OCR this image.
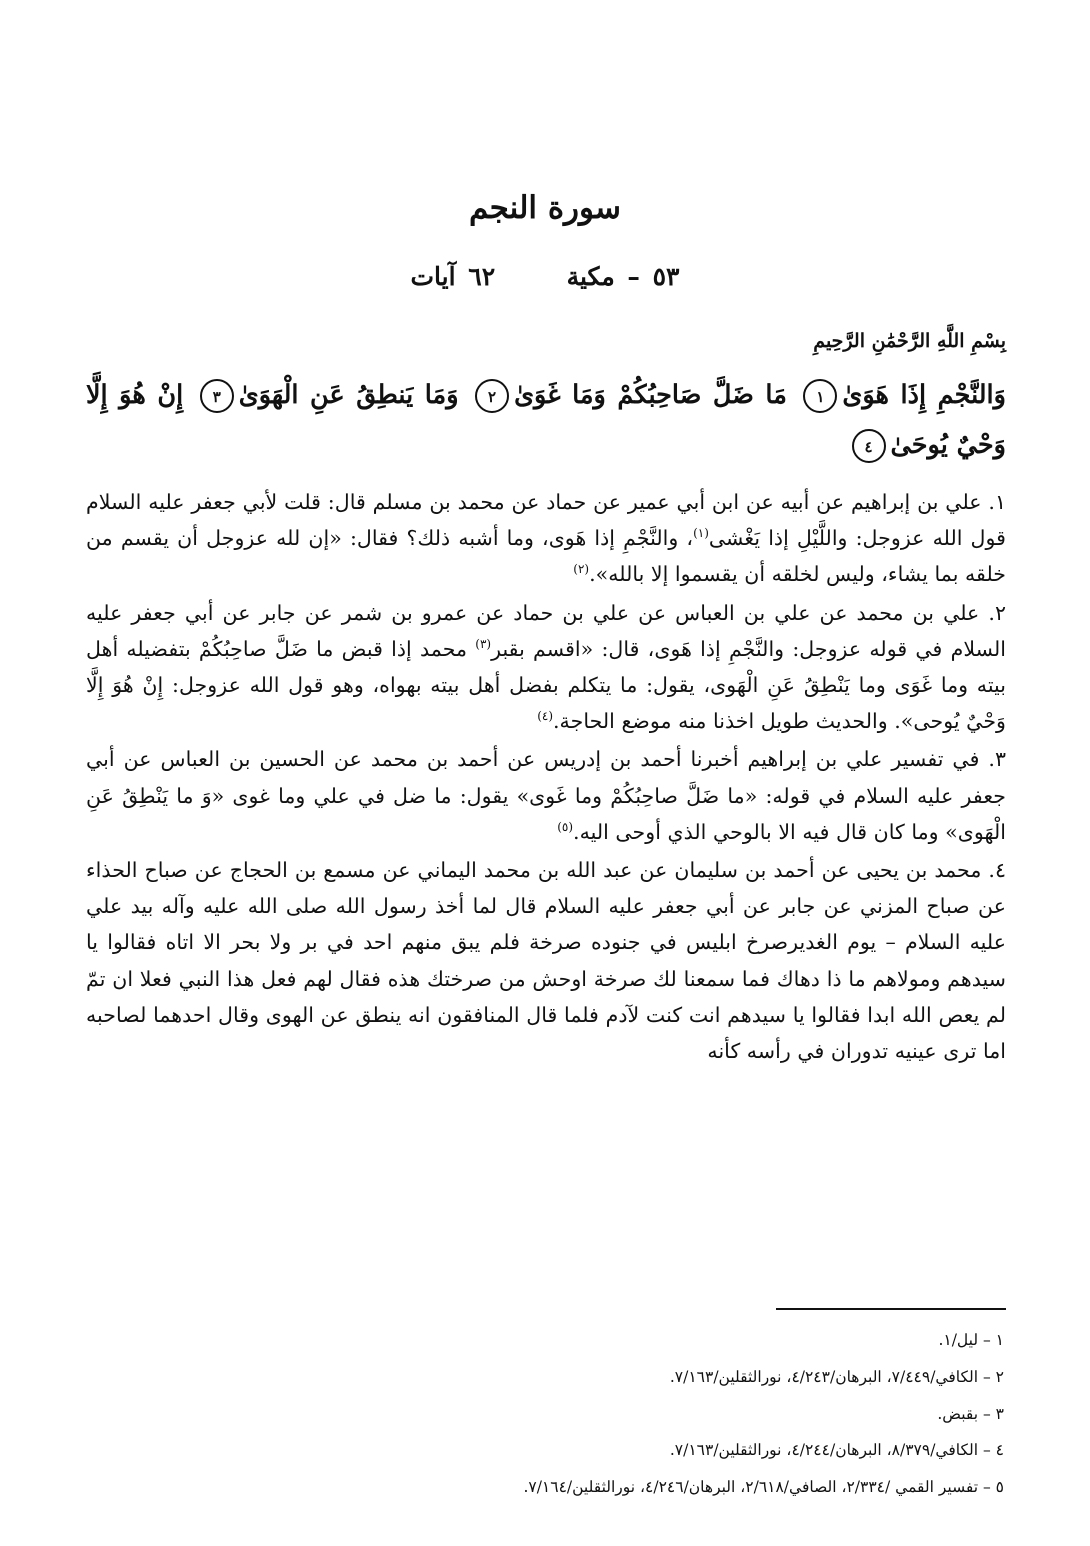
سورة النجم
٥٣ – مكية  ٦٢ آيات
بِسْمِ اللَّهِ الرَّحْمَٰنِ الرَّحِيمِ

وَالنَّجْمِ إِذَا هَوَىٰ١ مَا ضَلَّ صَاحِبُكُمْ وَمَا غَوَىٰ٢ وَمَا يَنطِقُ عَنِ الْهَوَىٰ٣ إِنْ هُوَ إِلَّا وَحْيٌ يُوحَىٰ٤

١. علي بن إبراهيم عن أبيه عن ابن أبي عمير عن حماد عن محمد بن مسلم قال: قلت لأبي جعفر عليه السلام قول الله عزوجل: واللَّيْلِ إذا يَغْشى$^{(١)}$، والنَّجْمِ إذا هَوى، وما أشبه ذلك؟ فقال: «إن لله عزوجل أن يقسم من خلقه بما يشاء، وليس لخلقه أن يقسموا إلا بالله».$^{(٢)}$

٢. علي بن محمد عن علي بن العباس عن علي بن حماد عن عمرو بن شمر عن جابر عن أبي جعفر عليه السلام في قوله عزوجل: والنَّجْمِ إذا هَوى، قال: «اقسم بقبر$^{(٣)}$ محمد إذا قبض ما ضَلَّ صاحِبُكُمْ بتفضيله أهل بيته وما غَوَى وما يَنْطِقُ عَنِ الْهَوى، يقول: ما يتكلم بفضل أهل بيته بهواه، وهو قول الله عزوجل: إِنْ هُوَ إِلَّا وَحْيٌ يُوحى». والحديث طويل اخذنا منه موضع الحاجة.$^{(٤)}$

٣. في تفسير علي بن إبراهيم أخبرنا أحمد بن إدريس عن أحمد بن محمد عن الحسين بن العباس عن أبي جعفر عليه السلام في قوله: «ما ضَلَّ صاحِبُكُمْ وما غَوى» يقول: ما ضل في علي وما غوى «وَ ما يَنْطِقُ عَنِ الْهَوى» وما كان قال فيه الا بالوحي الذي أوحى اليه.$^{(٥)}$

٤. محمد بن يحيى عن أحمد بن سليمان عن عبد الله بن محمد اليماني عن مسمع بن الحجاج عن صباح الحذاء عن صباح المزني عن جابر عن أبي جعفر عليه السلام قال لما أخذ رسول الله صلى الله عليه وآله بيد علي عليه السلام – يوم الغديرصرخ ابليس في جنوده صرخة فلم يبق منهم احد في بر ولا بحر الا اتاه فقالوا يا سيدهم ومولاهم ما ذا دهاك فما سمعنا لك صرخة اوحش من صرختك هذه فقال لهم فعل هذا النبي فعلا ان تمّ لم يعص الله ابدا فقالوا يا سيدهم انت كنت لآدم فلما قال المنافقون انه ينطق عن الهوى وقال احدهما لصاحبه اما ترى عينيه تدوران في رأسه كأنه

١ – ليل/١.
٢ – الكافي/٧/٤٤٩، البرهان/٤/٢٤٣، نورالثقلين/٧/١٦٣.
٣ – بقبض.
٤ – الكافي/٨/٣٧٩، البرهان/٤/٢٤٤، نورالثقلين/٧/١٦٣.
٥ – تفسير القمي /٢/٣٣٤، الصافي/٢/٦١٨، البرهان/٤/٢٤٦، نورالثقلين/٧/١٦٤.
